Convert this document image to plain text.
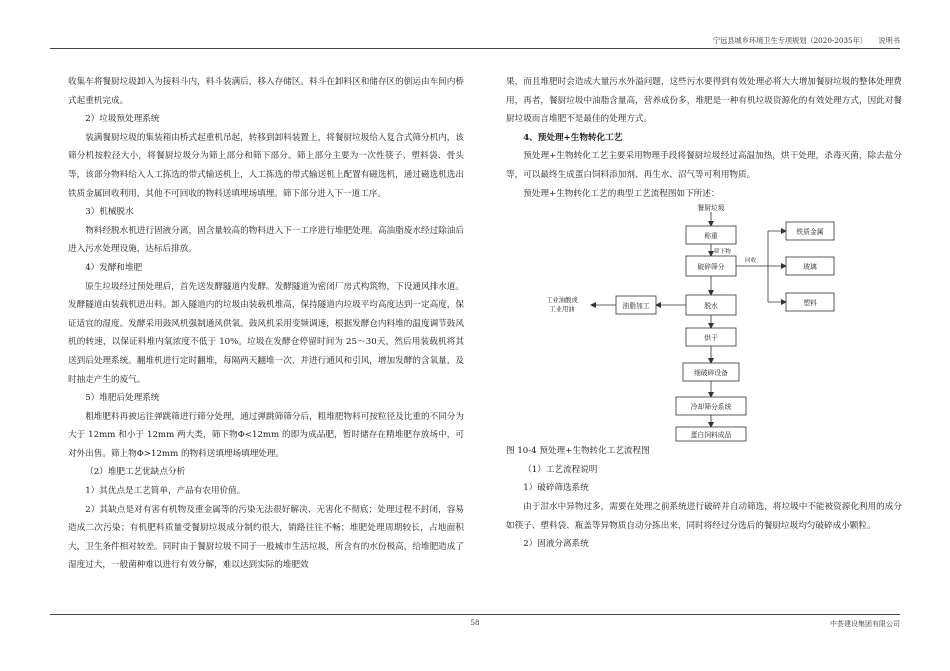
宁远县城乡环境卫生专项规划（2020-2035年） 说明书

收集车将餐厨垃圾卸入为接料斗内，料斗装满后，移入存储区。料斗在卸料区和储存区的倒运由车间内桥式起重机完成。

2）垃圾预处理系统

装满餐厨垃圾的集装箱由桥式起重机吊起，转移到卸料装置上，将餐厨垃圾给入复合式筛分机内，该筛分机按粒径大小，将餐厨垃圾分为筛上部分和筛下部分。筛上部分主要为一次性筷子、塑料袋、骨头等，该部分物料给入人工拣选的带式输送机上，人工拣选的带式输送机上配置有磁选机，通过磁选机选出铁质金属回收利用，其他不可回收的物料送填埋场填埋。筛下部分进入下一道工序。

3）机械脱水

物料经脱水机进行固液分离，固含量较高的物料进入下一工序进行堆肥处理。高油脂废水经过除油后进入污水处理设施，达标后排放。

4）发酵和堆肥

原生垃圾经过预处理后，首先送发酵隧道内发酵。发酵隧道为密闭厂房式构筑物，下设通风排水道。发酵隧道由装载机进出料。卸入隧道内的垃圾由装载机堆高，保持隧道内垃圾平均高度达到一定高度，保证适宜的湿度。发酵采用鼓风机强制通风供氧。鼓风机采用变频调速，根据发酵仓内料堆的温度调节鼓风机的转速，以保证料堆内氧浓度不低于 10%。垃圾在发酵仓停留时间为 25～30天，然后用装载机将其送到后处理系统。翻堆机进行定时翻堆，每隔两天翻堆一次，并进行通风和引风，增加发酵的含氧量，及时抽走产生的废气。

5）堆肥后处理系统

粗堆肥料再被运往弹跳筛进行筛分处理，通过弹跳筛筛分后，粗堆肥物料可按粒径及比重的不同分为大于 12mm 和小于 12mm 两大类，筛下物Φ<12mm 的即为成品肥，暂时储存在精堆肥存放场中，可对外出售。筛上物Φ>12mm 的物料送填埋场填埋处理。

（2）堆肥工艺优缺点分析

1）其优点是工艺简单，产品有农用价值。

2）其缺点是对有害有机物及重金属等的污染无法很好解决、无害化不彻底；处理过程不封闭，容易造成二次污染；有机肥料质量受餐厨垃圾成分制约很大，销路往往不畅；堆肥处理周期较长，占地面积大，卫生条件相对较差。同时由于餐厨垃圾不同于一般城市生活垃圾，所含有的水份极高，给堆肥造成了湿度过大，一般菌种难以进行有效分解，难以达到实际的堆肥效

果，而且堆肥时会造成大量污水外溢问题，这些污水要得到有效处理必将大大增加餐厨垃圾的整体处理费用，再者，餐厨垃圾中油脂含量高，营养成份多，堆肥是一种有机垃圾资源化的有效处理方式，因此对餐厨垃圾而言堆肥不是最佳的处理方式。

4、预处理+生物转化工艺

预处理+生物转化工艺主要采用物理手段将餐厨垃圾经过高温加热，烘干处理，杀毒灭菌，除去盐分等，可以最终生成蛋白饲料添加剂、再生水、沼气等可利用物质。

预处理+生物转化工艺的典型工艺流程图如下所述：

餐厨垃圾
称重
破碎筛分
脱水
烘干
细破碎设备
冷却筛分系统
蛋白饲料成品
铁质金属
玻璃
塑料
油脂加工
工业油酸或
工业用油
筛下物
回收

图 10-4 预处理+生物转化工艺流程图

（1）工艺流程说明

1）破碎筛选系统

由于泔水中异物过多，需要在处理之前系统进行破碎并自动筛选，将垃圾中不能被资源化利用的成分如筷子、塑料袋、瓶盖等异物质自动分拣出来，同时将经过分选后的餐厨垃圾均匀破碎成小颗粒。

2）固液分离系统

58	中荟建设集团有限公司
